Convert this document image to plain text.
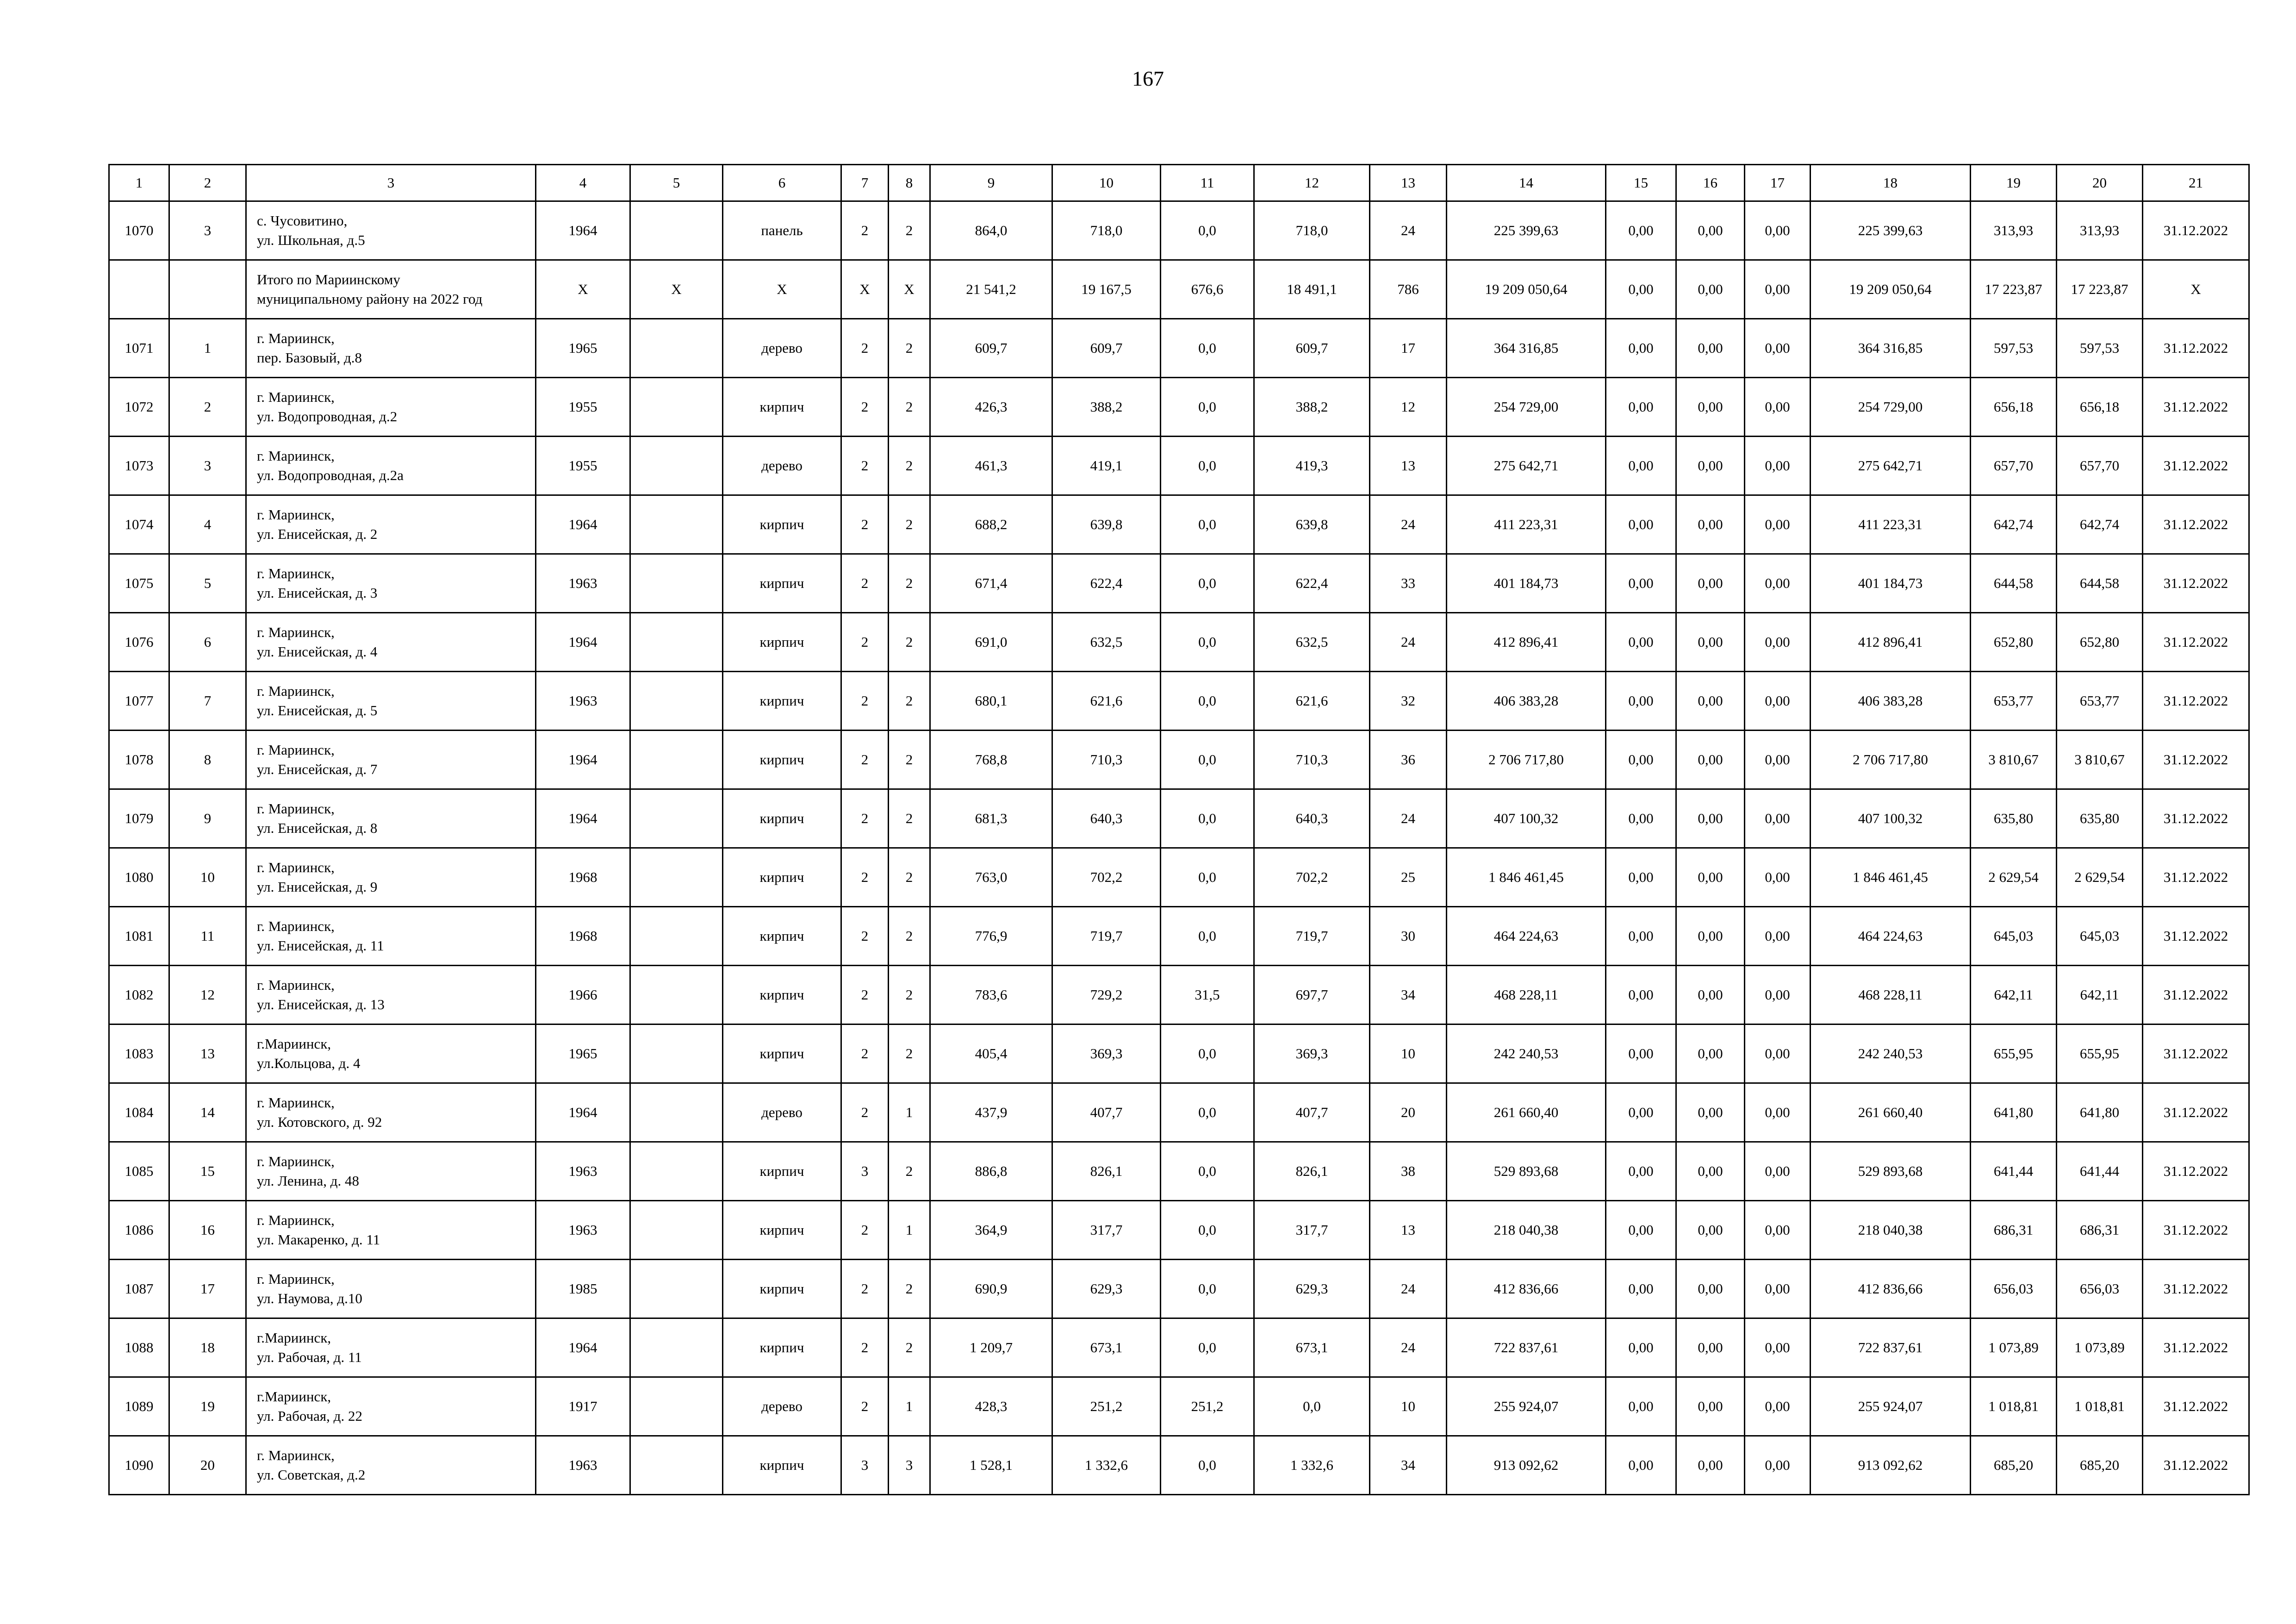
167
1	2	3	4	5	6	7	8	9	10	11	12	13	14	15	16	17	18	19	20	21
1070	3	с. Чусовитино,
ул. Школьная, д.5	1964		панель	2	2	864,0	718,0	0,0	718,0	24	225 399,63	0,00	0,00	0,00	225 399,63	313,93	313,93	31.12.2022

		Итого по Мариинскому
муниципальному району на 2022 год	X	X	X	X	X	21 541,2	19 167,5	676,6	18 491,1	786	19 209 050,64	0,00	0,00	0,00	19 209 050,64	17 223,87	17 223,87	X
1071	1	г. Мариинск,
пер. Базовый, д.8	1965		дерево	2	2	609,7	609,7	0,0	609,7	17	364 316,85	0,00	0,00	0,00	364 316,85	597,53	597,53	31.12.2022
1072	2	г. Мариинск,
ул. Водопроводная, д.2	1955		кирпич	2	2	426,3	388,2	0,0	388,2	12	254 729,00	0,00	0,00	0,00	254 729,00	656,18	656,18	31.12.2022
1073	3	г. Мариинск,
ул. Водопроводная, д.2а	1955		дерево	2	2	461,3	419,1	0,0	419,3	13	275 642,71	0,00	0,00	0,00	275 642,71	657,70	657,70	31.12.2022
1074	4	г. Мариинск,
ул. Енисейская, д. 2	1964		кирпич	2	2	688,2	639,8	0,0	639,8	24	411 223,31	0,00	0,00	0,00	411 223,31	642,74	642,74	31.12.2022
1075	5	г. Мариинск,
ул. Енисейская, д. 3	1963		кирпич	2	2	671,4	622,4	0,0	622,4	33	401 184,73	0,00	0,00	0,00	401 184,73	644,58	644,58	31.12.2022
1076	6	г. Мариинск,
ул. Енисейская, д. 4	1964		кирпич	2	2	691,0	632,5	0,0	632,5	24	412 896,41	0,00	0,00	0,00	412 896,41	652,80	652,80	31.12.2022
1077	7	г. Мариинск,
ул. Енисейская, д. 5	1963		кирпич	2	2	680,1	621,6	0,0	621,6	32	406 383,28	0,00	0,00	0,00	406 383,28	653,77	653,77	31.12.2022
1078	8	г. Мариинск,
ул. Енисейская, д. 7	1964		кирпич	2	2	768,8	710,3	0,0	710,3	36	2 706 717,80	0,00	0,00	0,00	2 706 717,80	3 810,67	3 810,67	31.12.2022
1079	9	г. Мариинск,
ул. Енисейская, д. 8	1964		кирпич	2	2	681,3	640,3	0,0	640,3	24	407 100,32	0,00	0,00	0,00	407 100,32	635,80	635,80	31.12.2022
1080	10	г. Мариинск,
ул. Енисейская, д. 9	1968		кирпич	2	2	763,0	702,2	0,0	702,2	25	1 846 461,45	0,00	0,00	0,00	1 846 461,45	2 629,54	2 629,54	31.12.2022
1081	11	г. Мариинск,
ул. Енисейская, д. 11	1968		кирпич	2	2	776,9	719,7	0,0	719,7	30	464 224,63	0,00	0,00	0,00	464 224,63	645,03	645,03	31.12.2022
1082	12	г. Мариинск,
ул. Енисейская, д. 13	1966		кирпич	2	2	783,6	729,2	31,5	697,7	34	468 228,11	0,00	0,00	0,00	468 228,11	642,11	642,11	31.12.2022
1083	13	г.Мариинск,
ул.Кольцова, д. 4	1965		кирпич	2	2	405,4	369,3	0,0	369,3	10	242 240,53	0,00	0,00	0,00	242 240,53	655,95	655,95	31.12.2022
1084	14	г. Мариинск,
ул. Котовского, д. 92	1964		дерево	2	1	437,9	407,7	0,0	407,7	20	261 660,40	0,00	0,00	0,00	261 660,40	641,80	641,80	31.12.2022
1085	15	г. Мариинск,
ул. Ленина, д. 48	1963		кирпич	3	2	886,8	826,1	0,0	826,1	38	529 893,68	0,00	0,00	0,00	529 893,68	641,44	641,44	31.12.2022
1086	16	г. Мариинск,
ул. Макаренко, д. 11	1963		кирпич	2	1	364,9	317,7	0,0	317,7	13	218 040,38	0,00	0,00	0,00	218 040,38	686,31	686,31	31.12.2022
1087	17	г. Мариинск,
ул. Наумова, д.10	1985		кирпич	2	2	690,9	629,3	0,0	629,3	24	412 836,66	0,00	0,00	0,00	412 836,66	656,03	656,03	31.12.2022
1088	18	г.Мариинск,
ул. Рабочая, д. 11	1964		кирпич	2	2	1 209,7	673,1	0,0	673,1	24	722 837,61	0,00	0,00	0,00	722 837,61	1 073,89	1 073,89	31.12.2022
1089	19	г.Мариинск,
ул. Рабочая, д. 22	1917		дерево	2	1	428,3	251,2	251,2	0,0	10	255 924,07	0,00	0,00	0,00	255 924,07	1 018,81	1 018,81	31.12.2022
1090	20	г. Мариинск,
ул. Советская, д.2	1963		кирпич	3	3	1 528,1	1 332,6	0,0	1 332,6	34	913 092,62	0,00	0,00	0,00	913 092,62	685,20	685,20	31.12.2022
